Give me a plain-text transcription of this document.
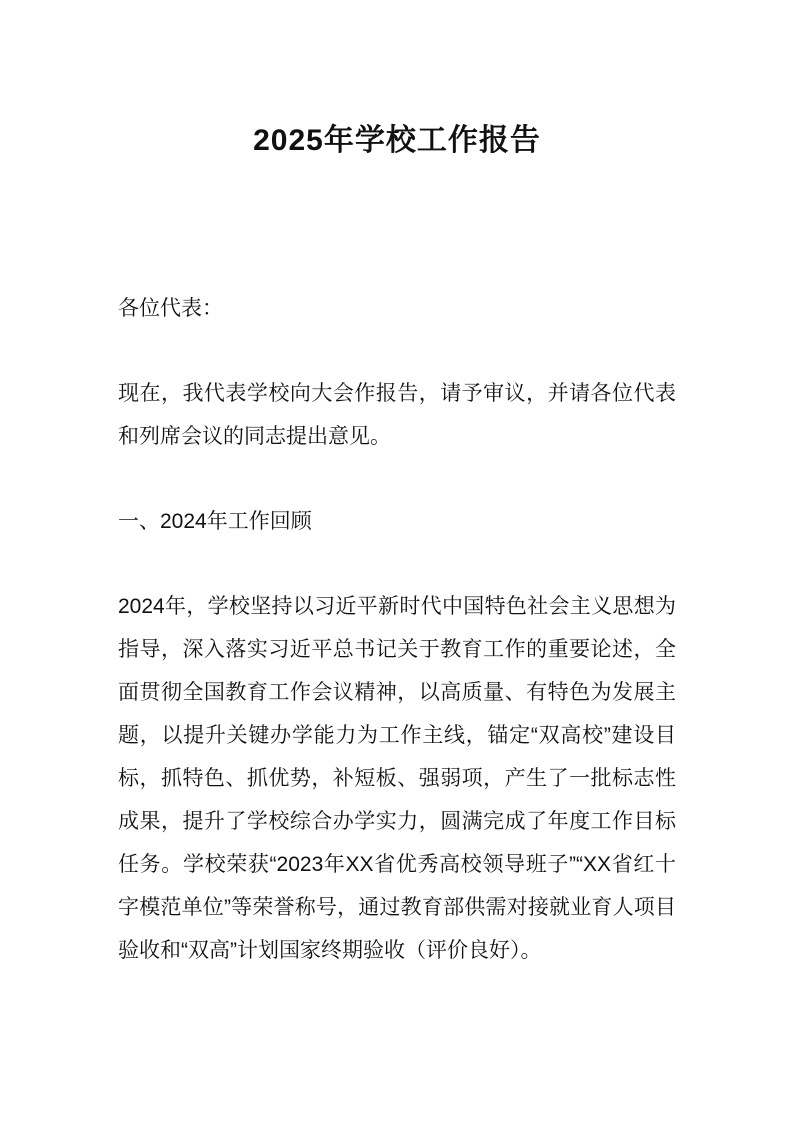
2025年学校工作报告

各位代表：

现在，我代表学校向大会作报告，请予审议，并请各位代表和列席会议的同志提出意见。

一、2024年工作回顾

2024年，学校坚持以习近平新时代中国特色社会主义思想为指导，深入落实习近平总书记关于教育工作的重要论述，全面贯彻全国教育工作会议精神，以高质量、有特色为发展主题，以提升关键办学能力为工作主线，锚定“双高校”建设目标，抓特色、抓优势，补短板、强弱项，产生了一批标志性成果，提升了学校综合办学实力，圆满完成了年度工作目标任务。学校荣获“2023年XX省优秀高校领导班子”“XX省红十字模范单位”等荣誉称号，通过教育部供需对接就业育人项目验收和“双高”计划国家终期验收（评价良好）。
